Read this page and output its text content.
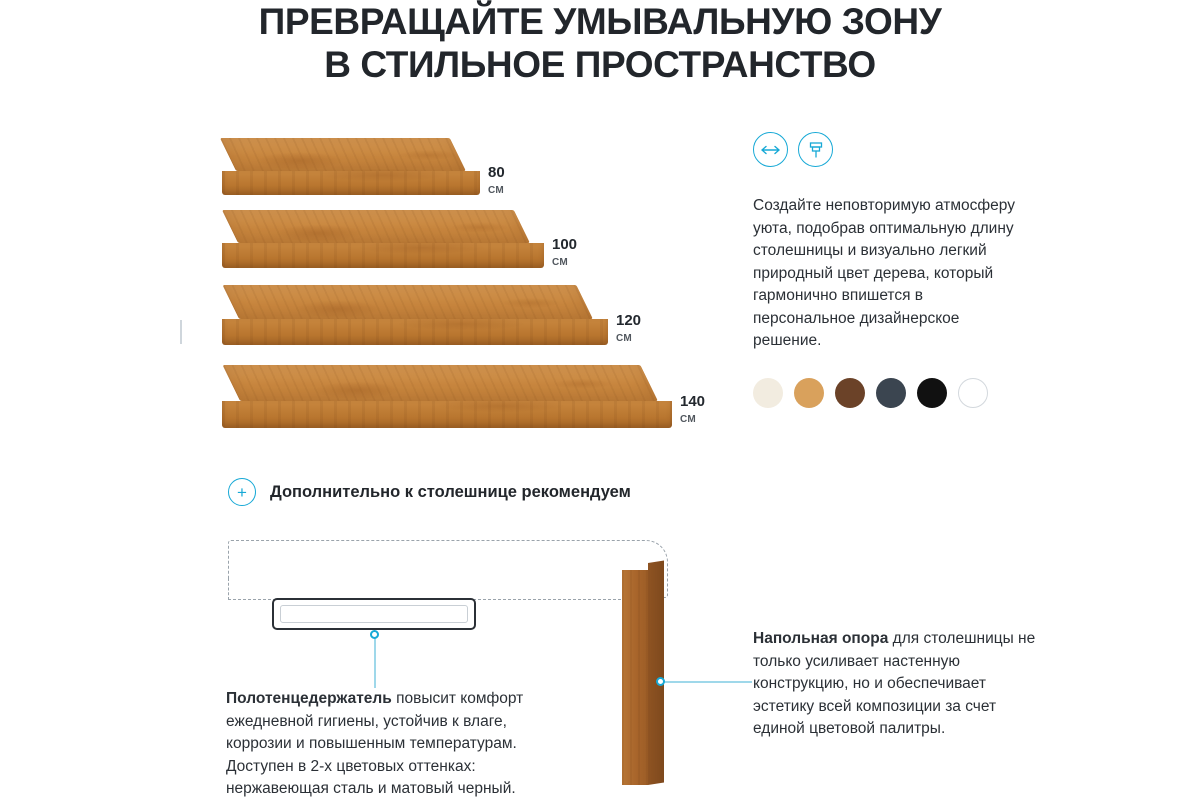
ПРЕВРАЩАЙТЕ УМЫВАЛЬНУЮ ЗОНУ
В СТИЛЬНОЕ ПРОСТРАНСТВО
80
СМ
100
СМ
120
СМ
140
СМ

Создайте неповторимую атмосферу уюта, подобрав оптимальную длину столешницы и визуально легкий природный цвет дерева, который гармонично впишется в персональное дизайнерское решение.

+	Дополнительно к столешнице рекомендуем
Полотенцедержатель повысит комфорт ежедневной гигиены, устойчив к влаге, коррозии и повышенным температурам. Доступен в 2-х цветовых оттенках: нержавеющая сталь и матовый черный.
Напольная опора для столешницы не только усиливает настенную конструкцию, но и обеспечивает эстетику всей композиции за счет единой цветовой палитры.
